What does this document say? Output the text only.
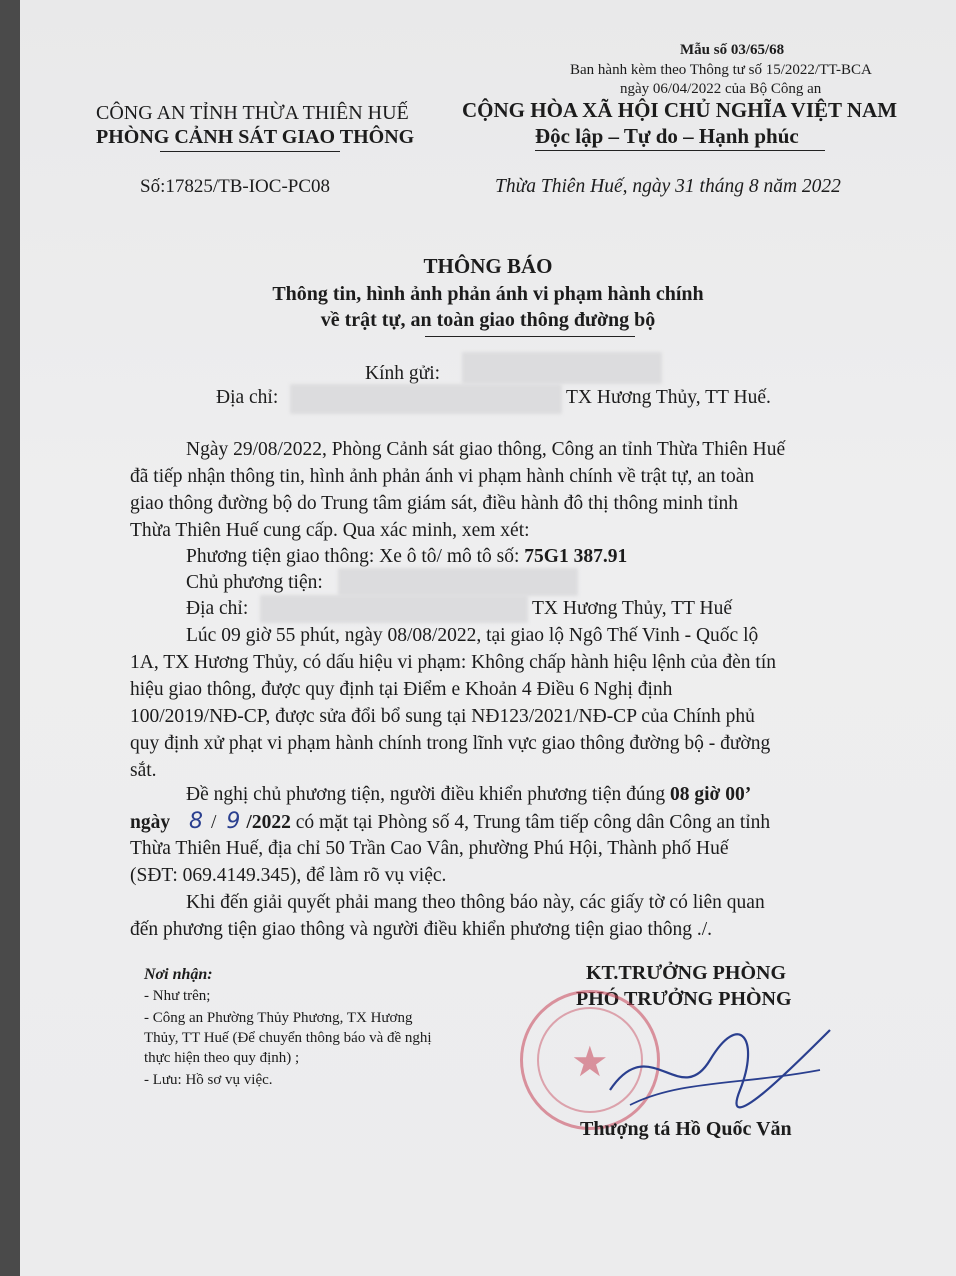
Mẫu số 03/65/68
Ban hành kèm theo Thông tư số 15/2022/TT-BCA
ngày 06/04/2022 của Bộ Công an
CÔNG AN TỈNH THỪA THIÊN HUẾ
PHÒNG CẢNH SÁT GIAO THÔNG
Số:17825/TB-IOC-PC08
CỘNG HÒA XÃ HỘI CHỦ NGHĨA VIỆT NAM
Độc lập – Tự do – Hạnh phúc
Thừa Thiên Huế, ngày 31 tháng 8 năm 2022
THÔNG BÁO
Thông tin, hình ảnh phản ánh vi phạm hành chính
về trật tự, an toàn giao thông đường bộ
Kính gửi:
Địa chỉ:	TX Hương Thủy, TT Huế.
Ngày 29/08/2022, Phòng Cảnh sát giao thông, Công an tỉnh Thừa Thiên Huế
đã tiếp nhận thông tin, hình ảnh phản ánh vi phạm hành chính về trật tự, an toàn
giao thông đường bộ do Trung tâm giám sát, điều hành đô thị thông minh tỉnh
Thừa Thiên Huế cung cấp. Qua xác minh, xem xét:
Phương tiện giao thông: Xe ô tô/ mô tô số: 75G1 387.91
Chủ phương tiện:
Địa chỉ:	TX Hương Thủy, TT Huế
Lúc 09 giờ 55 phút, ngày 08/08/2022, tại giao lộ Ngô Thế Vinh - Quốc lộ
1A, TX Hương Thủy, có dấu hiệu vi phạm: Không chấp hành hiệu lệnh của đèn tín
hiệu giao thông, được quy định tại Điểm e Khoản 4 Điều 6 Nghị định
100/2019/NĐ-CP, được sửa đổi bổ sung tại NĐ123/2021/NĐ-CP của Chính phủ
quy định xử phạt vi phạm hành chính trong lĩnh vực giao thông đường bộ - đường
sắt.
Đề nghị chủ phương tiện, người điều khiển phương tiện đúng 08 giờ 00’
ngày 8 / 9 /2022 có mặt tại Phòng số 4, Trung tâm tiếp công dân Công an tỉnh
Thừa Thiên Huế, địa chỉ 50 Trần Cao Vân, phường Phú Hội, Thành phố Huế
(SĐT: 069.4149.345), để làm rõ vụ việc.
Khi đến giải quyết phải mang theo thông báo này, các giấy tờ có liên quan
đến phương tiện giao thông và người điều khiển phương tiện giao thông ./.
Nơi nhận:
- Như trên;
- Công an Phường Thủy Phương, TX Hương
Thủy, TT Huế (Để chuyển thông báo và đề nghị
thực hiện theo quy định) ;
- Lưu: Hồ sơ vụ việc.
KT.TRƯỞNG PHÒNG
PHÓ TRƯỞNG PHÒNG
★
Thượng tá Hồ Quốc Văn
